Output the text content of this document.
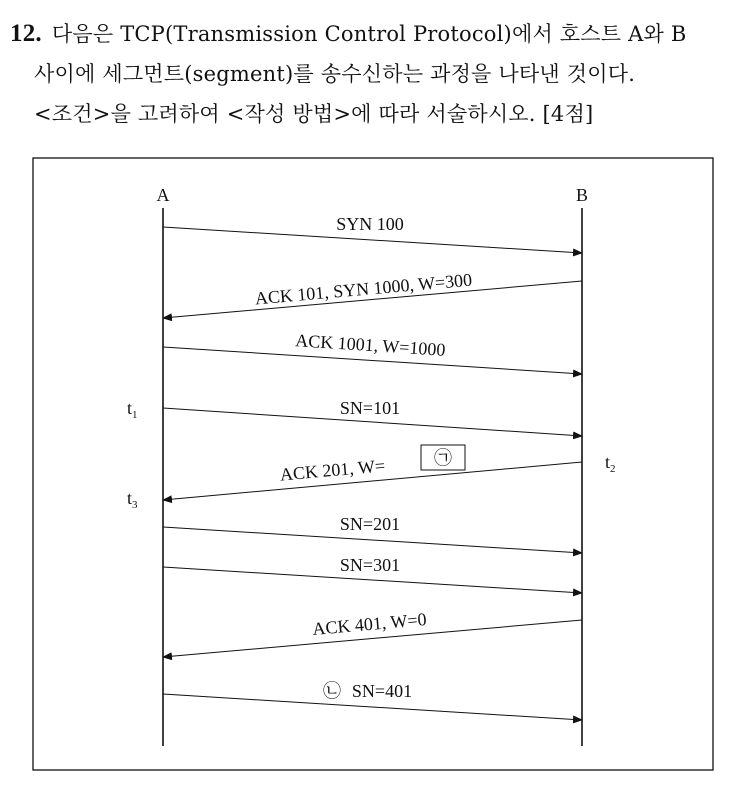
12. 다음은 TCP(Transmission Control Protocol)에서 호스트 A와 B
사이에 세그먼트(segment)를 송수신하는 과정을 나타낸 것이다.
<조건>을 고려하여 <작성 방법>에 따라 서술하시오. [4점]
A	B
SYN 100
ACK 101, SYN 1000, W=300
ACK 1001, W=1000
SN=101
ACK 201, W=	㉠
SN=201
SN=301
ACK 401, W=0
㉡ SN=401
$t_1$
$t_2$
$t_3$
